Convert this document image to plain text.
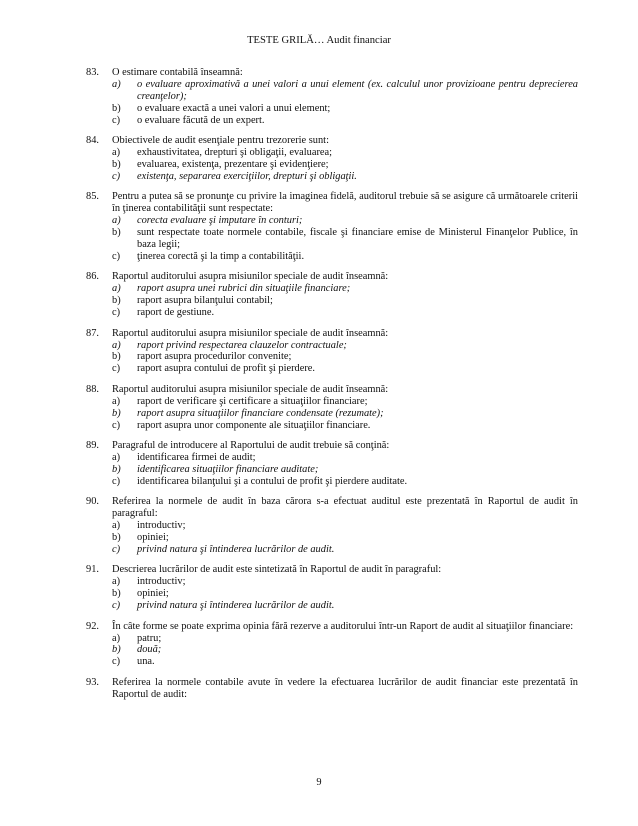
TESTE GRILĂ… Audit financiar
83.	O estimare contabilă înseamnă:
a)	o evaluare aproximativă a unei valori a unui element (ex. calculul unor provizioane pentru deprecierea creanţelor);
b)	o evaluare exactă a unei valori a unui element;
c)	o evaluare făcută de un expert.
84.	Obiectivele de audit esenţiale pentru trezorerie sunt:
a)	exhaustivitatea, drepturi şi obligaţii, evaluarea;
b)	evaluarea, existenţa, prezentare şi evidenţiere;
c)	existenţa, separarea exerciţiilor, drepturi şi obligaţii.
85.	Pentru a putea să se pronunţe cu privire la imaginea fidelă, auditorul trebuie să se asigure că următoarele criterii în ţinerea contabilităţii sunt respectate:
a)	corecta evaluare şi imputare în conturi;
b)	sunt respectate toate normele contabile, fiscale şi financiare emise de Ministerul Finanţelor Publice, în baza legii;
c)	ţinerea corectă şi la timp a contabilităţii.
86.	Raportul auditorului asupra misiunilor speciale de audit înseamnă:
a)	raport asupra unei rubrici din situaţiile financiare;
b)	raport asupra bilanţului contabil;
c)	raport de gestiune.
87.	Raportul auditorului asupra misiunilor speciale de audit înseamnă:
a)	raport privind respectarea clauzelor contractuale;
b)	raport asupra procedurilor convenite;
c)	raport asupra contului de profit şi pierdere.
88.	Raportul auditorului asupra misiunilor speciale de audit înseamnă:
a)	raport de verificare şi certificare a situaţiilor financiare;
b)	raport asupra situaţiilor financiare condensate (rezumate);
c)	raport asupra unor componente ale situaţiilor financiare.
89.	Paragraful de introducere al Raportului de audit trebuie să conţină:
a)	identificarea firmei de audit;
b)	identificarea situaţiilor financiare auditate;
c)	identificarea bilanţului şi a contului de profit şi pierdere auditate.
90.	Referirea la normele de audit în baza cărora s-a efectuat auditul este prezentată în Raportul de audit în paragraful:
a)	introductiv;
b)	opiniei;
c)	privind natura şi întinderea lucrărilor de audit.
91.	Descrierea lucrărilor de audit este sintetizată în Raportul de audit în paragraful:
a)	introductiv;
b)	opiniei;
c)	privind natura şi întinderea lucrărilor de audit.
92.	În câte forme se poate exprima opinia fără rezerve a auditorului într-un Raport de audit al situaţiilor financiare:
a)	patru;
b)	două;
c)	una.
93.	Referirea la normele contabile avute în vedere la efectuarea lucrărilor de audit financiar este prezentată în Raportul de audit:
9
